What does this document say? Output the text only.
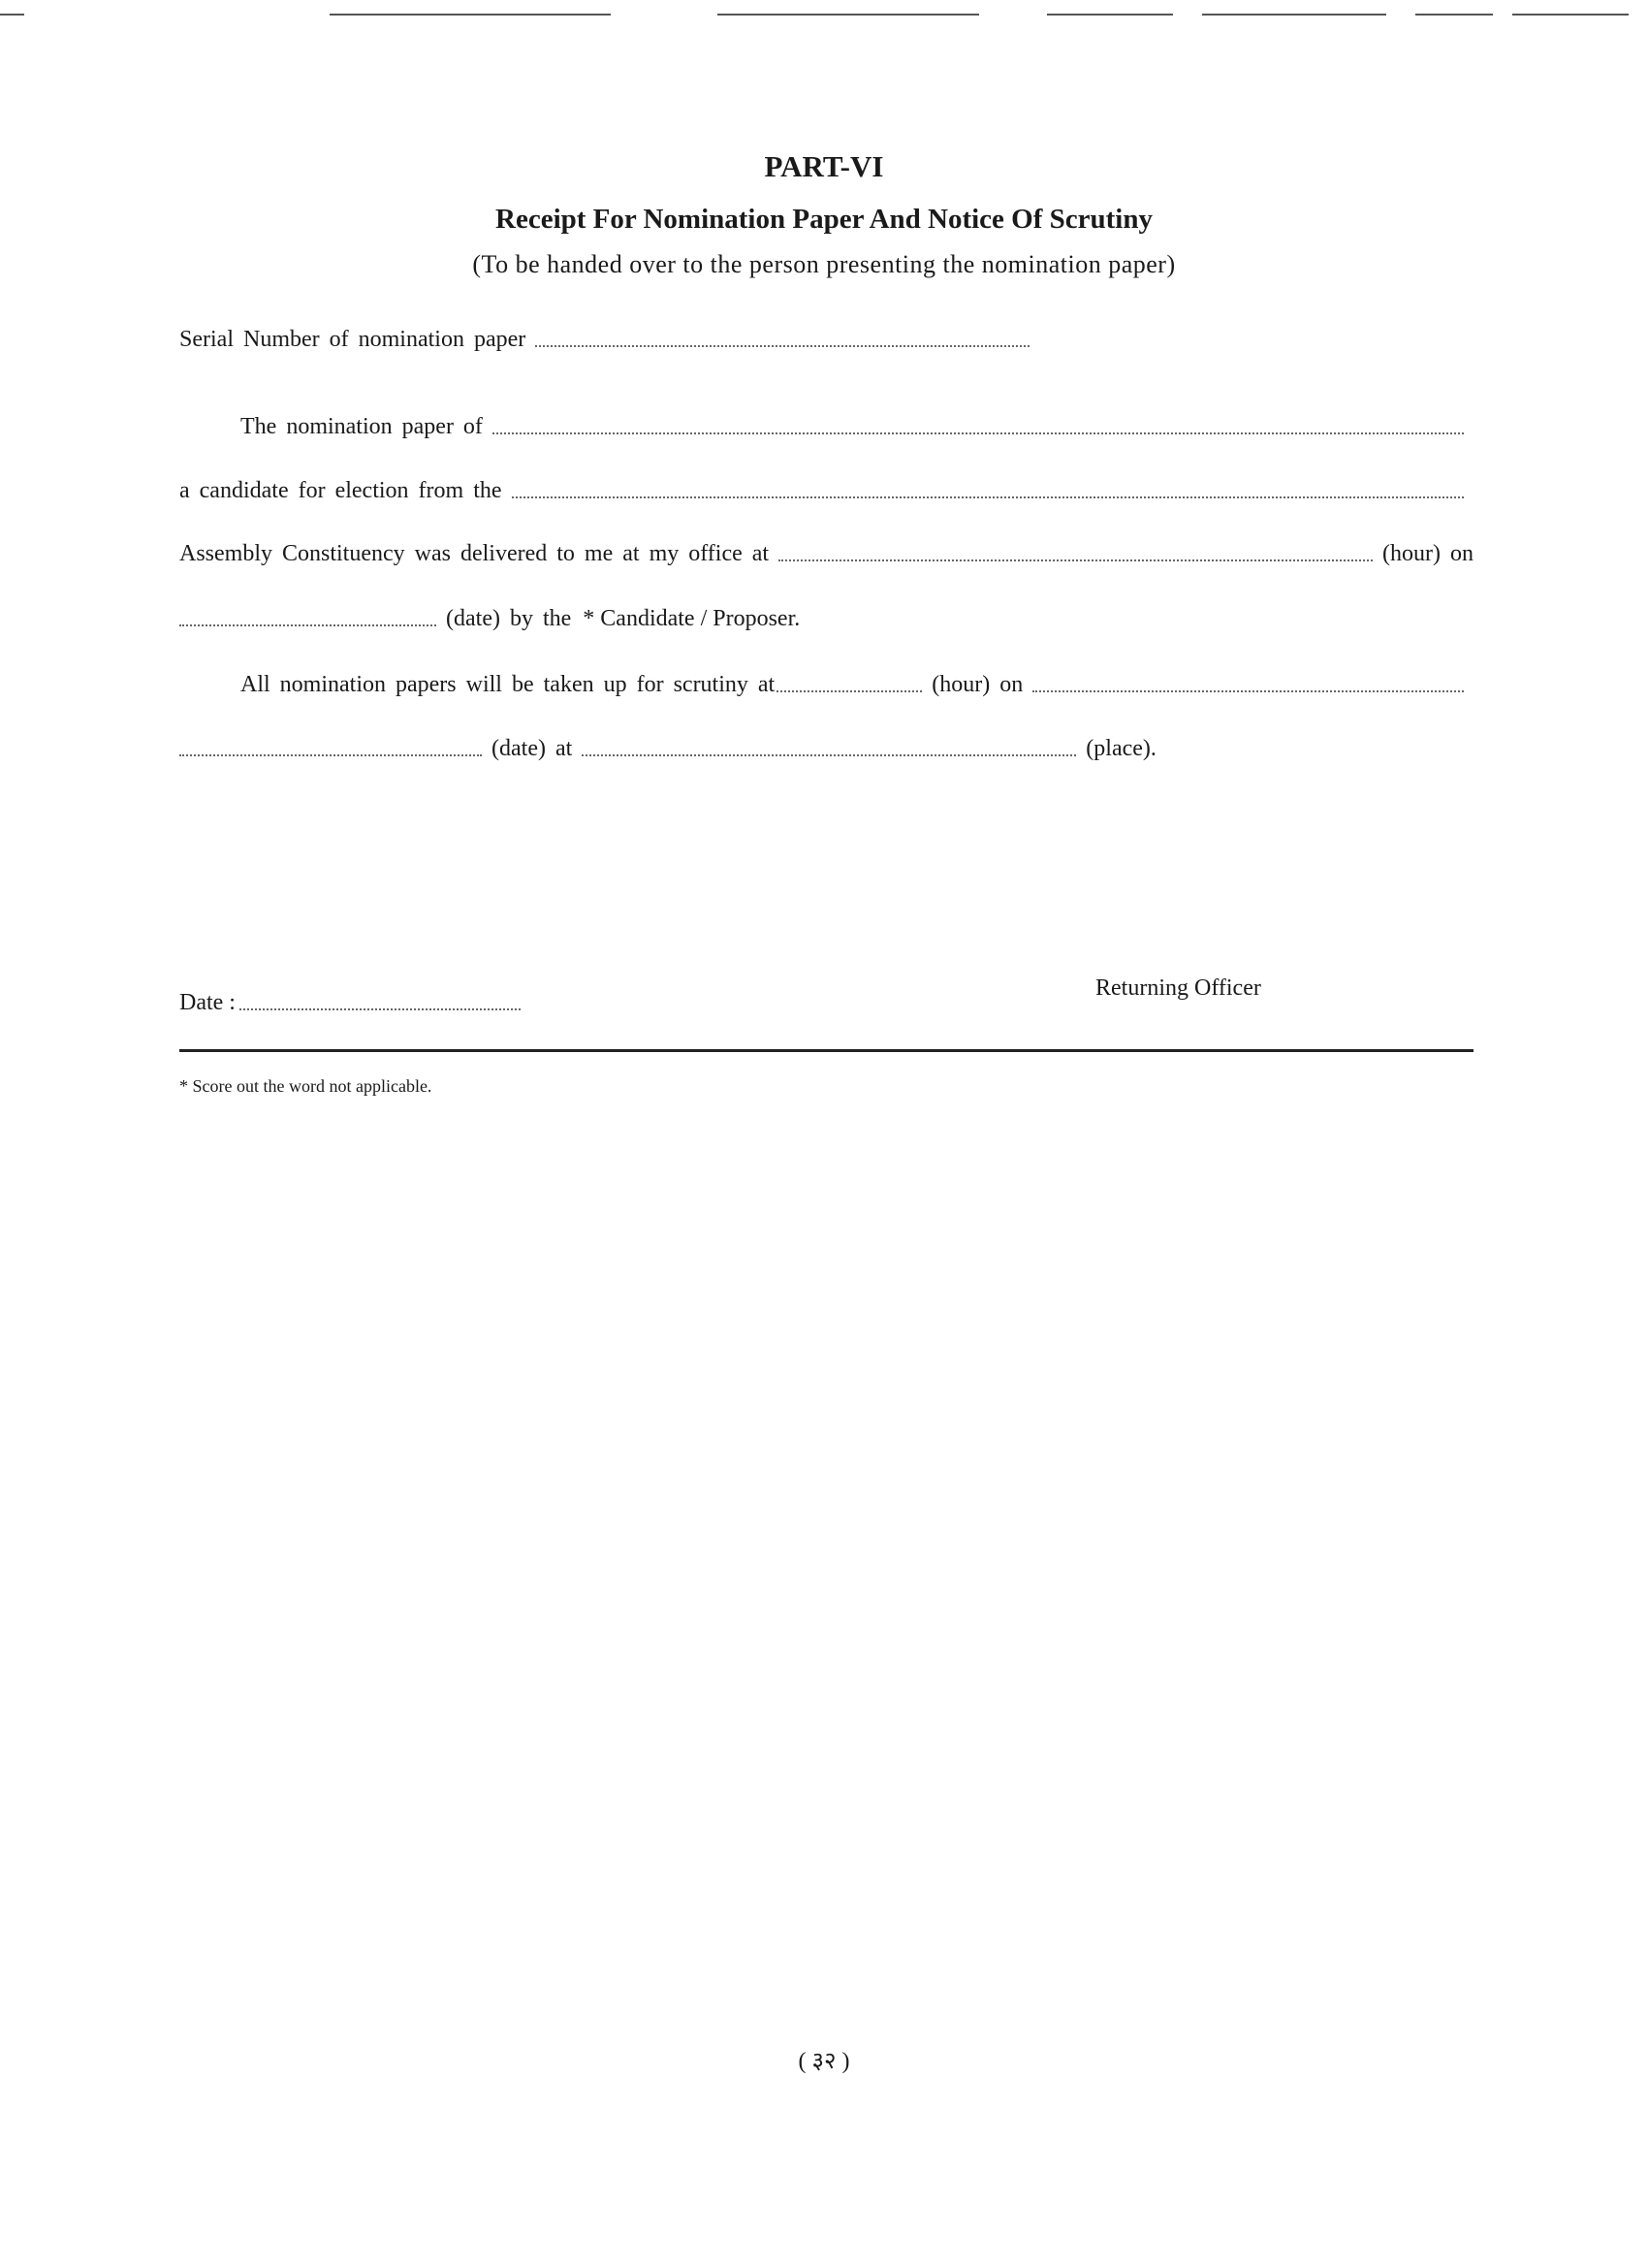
PART-VI
Receipt For Nomination Paper And Notice Of Scrutiny
(To be handed over to the person presenting the nomination paper)
Serial Number of nomination paper
The nomination paper of
a candidate for election from the
Assembly Constituency was delivered to me at my office at	(hour) on
(date) by the * Candidate / Proposer.
All nomination papers will be taken up for scrutiny at	(hour) on
(date) at	(place).
Date :
Returning Officer
* Score out the word not applicable.
( ३२ )
